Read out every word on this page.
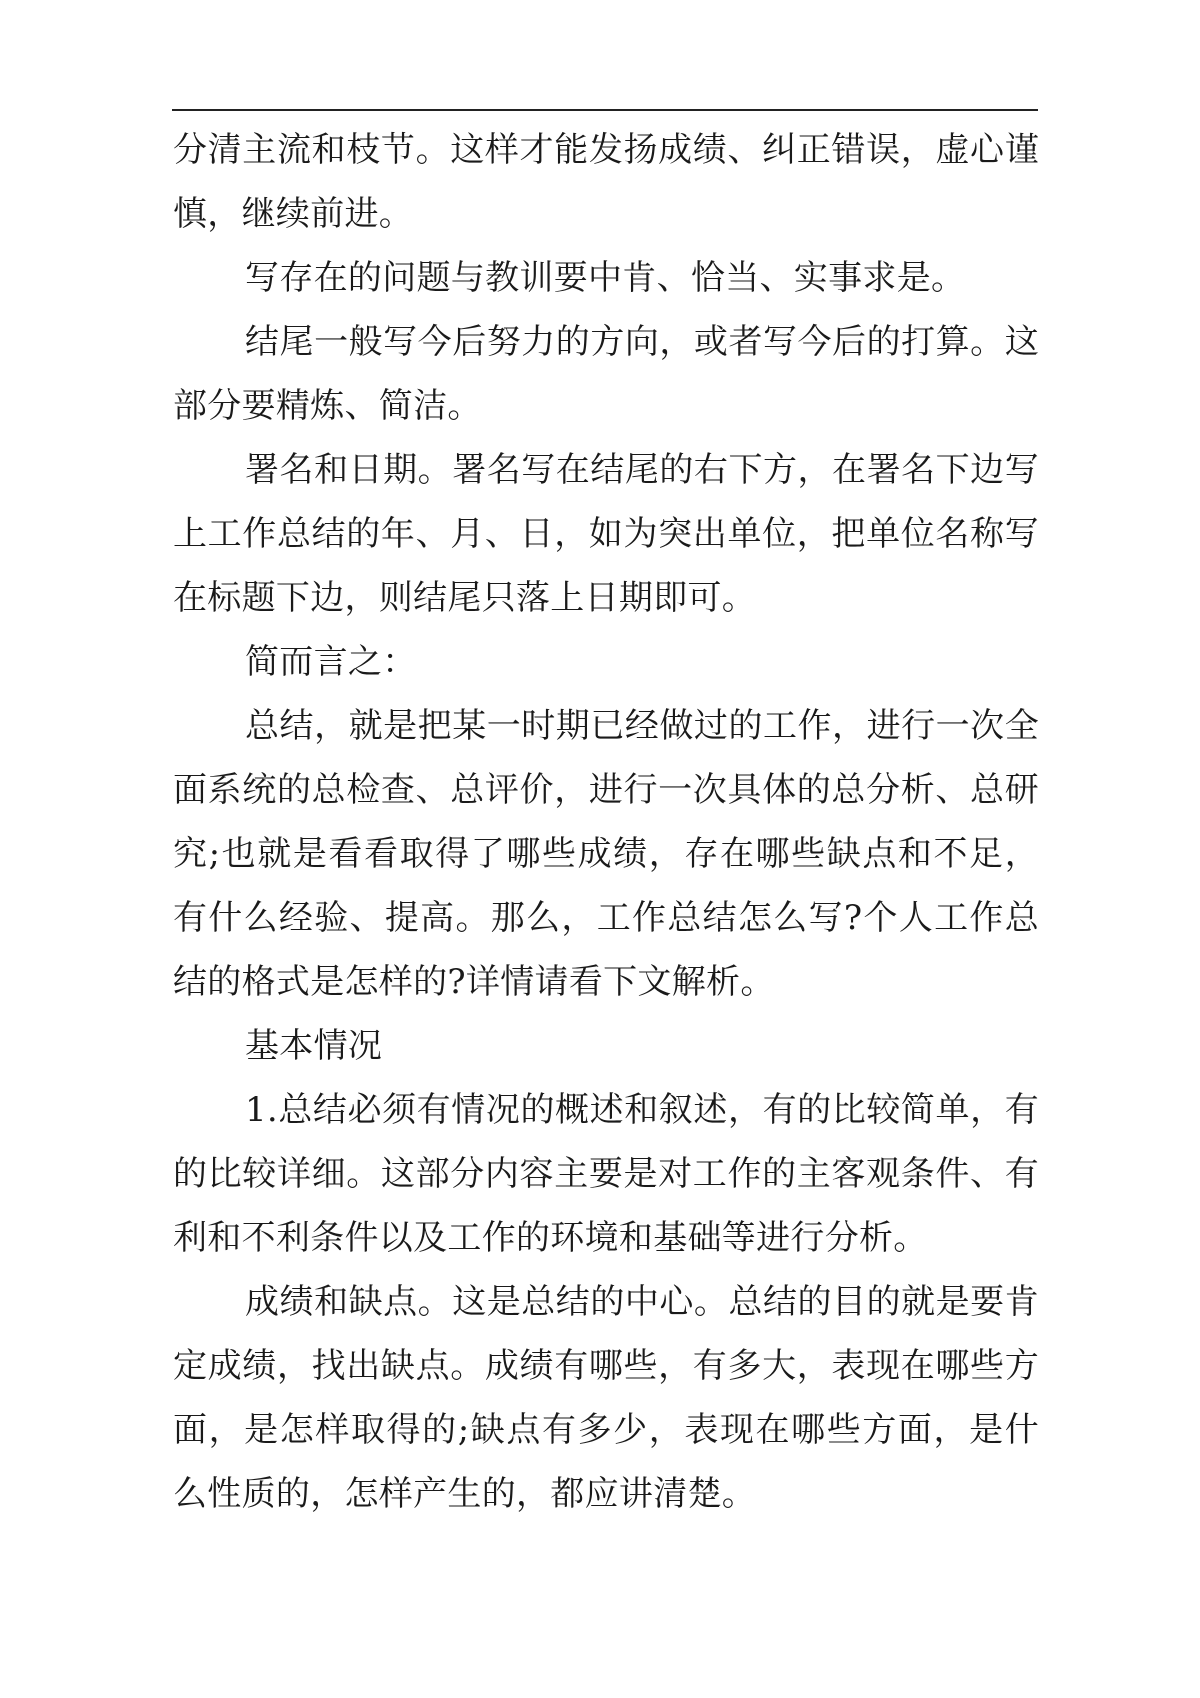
分清主流和枝节。这样才能发扬成绩、纠正错误，虚心谨慎，继续前进。

写存在的问题与教训要中肯、恰当、实事求是。

结尾一般写今后努力的方向，或者写今后的打算。这部分要精炼、简洁。

署名和日期。署名写在结尾的右下方，在署名下边写上工作总结的年、月、日，如为突出单位，把单位名称写在标题下边，则结尾只落上日期即可。

简而言之：

总结，就是把某一时期已经做过的工作，进行一次全面系统的总检查、总评价，进行一次具体的总分析、总研究;也就是看看取得了哪些成绩，存在哪些缺点和不足，有什么经验、提高。那么，工作总结怎么写?个人工作总结的格式是怎样的?详情请看下文解析。

基本情况

1.总结必须有情况的概述和叙述，有的比较简单，有的比较详细。这部分内容主要是对工作的主客观条件、有利和不利条件以及工作的环境和基础等进行分析。

成绩和缺点。这是总结的中心。总结的目的就是要肯定成绩，找出缺点。成绩有哪些，有多大，表现在哪些方面，是怎样取得的;缺点有多少，表现在哪些方面，是什么性质的，怎样产生的，都应讲清楚。
